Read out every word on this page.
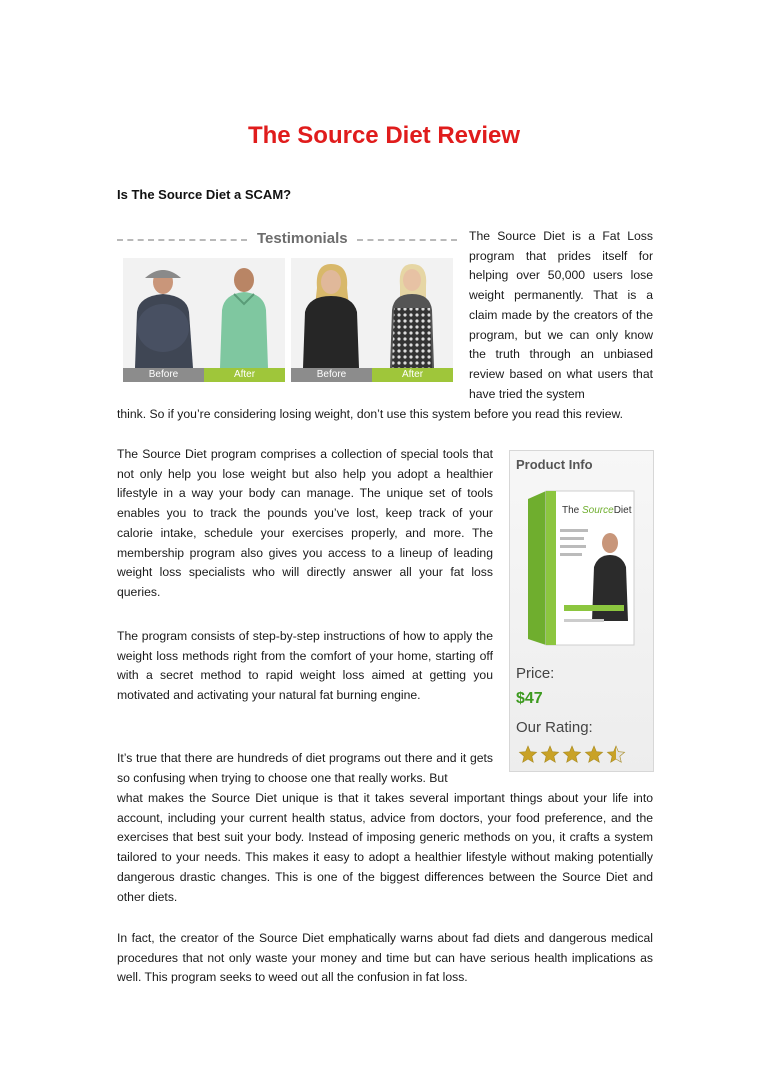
The Source Diet Review
Is The Source Diet a SCAM?
Testimonials
Before	After	Before	After

The Source Diet is a Fat Loss program that prides itself for helping over 50,000 users lose weight permanently. That is a claim made by the creators of the program, but we can only know the truth through an unbiased review based on what users that have tried the system

think. So if you’re considering losing weight, don’t use this system before you read this review.

The Source Diet program comprises a collection of special tools that not only help you lose weight but also help you adopt a healthier lifestyle in a way your body can manage. The unique set of tools enables you to track the pounds you’ve lost, keep track of your calorie intake, schedule your exercises properly, and more. The membership program also gives you access to a lineup of leading weight loss specialists who will directly answer all your fat loss queries.

The program consists of step-by-step instructions of how to apply the weight loss methods right from the comfort of your home, starting off with a secret method to rapid weight loss aimed at getting you motivated and activating your natural fat burning engine.

It’s true that there are hundreds of diet programs out there and it gets so confusing when trying to choose one that really works. But

what makes the Source Diet unique is that it takes several important things about your life into account, including your current health status, advice from doctors, your food preference, and the exercises that best suit your body. Instead of imposing generic methods on you, it crafts a system tailored to your needs. This makes it easy to adopt a healthier lifestyle without making potentially dangerous drastic changes. This is one of the biggest differences between the Source Diet and other diets.

In fact, the creator of the Source Diet emphatically warns about fad diets and dangerous medical procedures that not only waste your money and time but can have serious health implications as well. This program seeks to weed out all the confusion in fat loss.

Product Info
The SourceDiet
Price:
$47
Our Rating:
